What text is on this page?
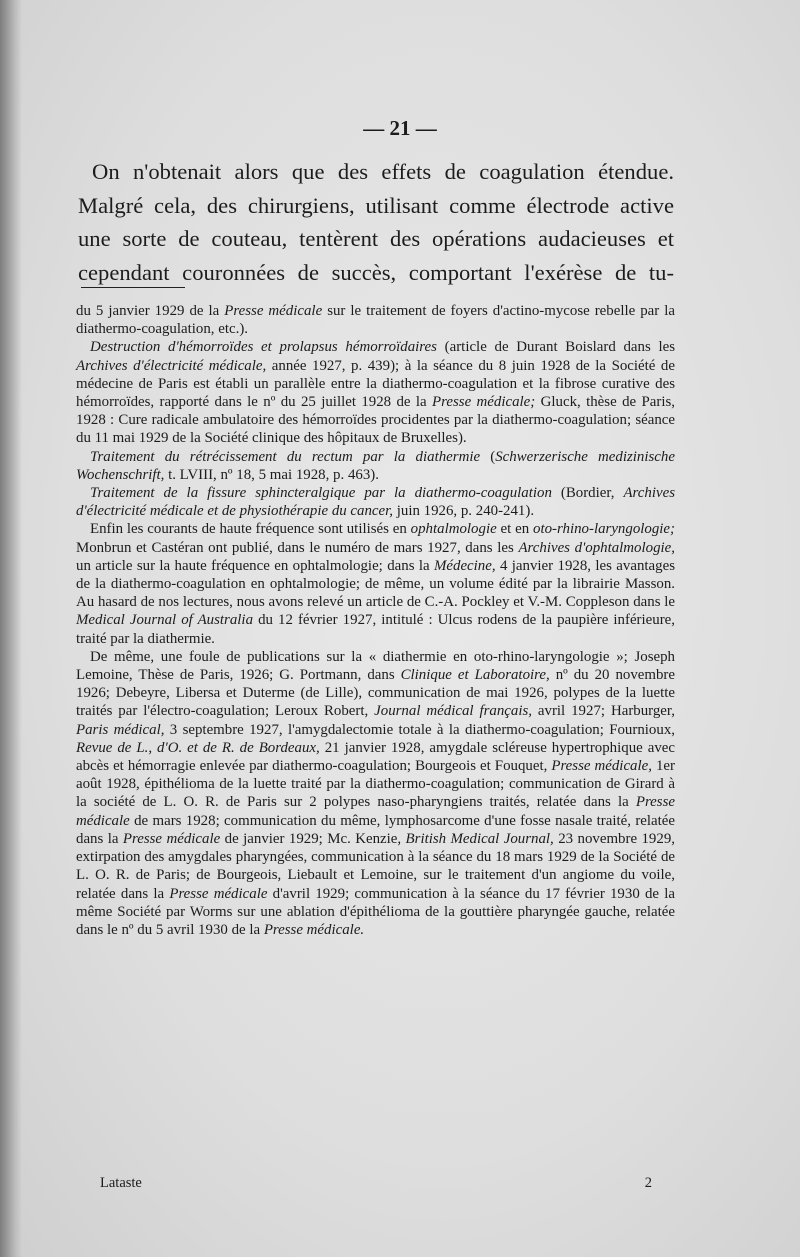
— 21 —

On n'obtenait alors que des effets de coagulation étendue. Malgré cela, des chirurgiens, utilisant comme électrode active une sorte de couteau, tentèrent des opérations audacieuses et cependant couronnées de succès, comportant l'exérèse de tu-

du 5 janvier 1929 de la Presse médicale sur le traitement de foyers d'actino-mycose rebelle par la diathermo-coagulation, etc.).

Destruction d'hémorroïdes et prolapsus hémorroïdaires (article de Durant Boislard dans les Archives d'électricité médicale, année 1927, p. 439); à la séance du 8 juin 1928 de la Société de médecine de Paris est établi un parallèle entre la diathermo-coagulation et la fibrose curative des hémorroïdes, rapporté dans le nº du 25 juillet 1928 de la Presse médicale; Gluck, thèse de Paris, 1928 : Cure radicale ambulatoire des hémorroïdes procidentes par la diathermo-coagulation; séance du 11 mai 1929 de la Société clinique des hôpitaux de Bruxelles).

Traitement du rétrécissement du rectum par la diathermie (Schwerzerische medizinische Wochenschrift, t. LVIII, nº 18, 5 mai 1928, p. 463).

Traitement de la fissure sphincteralgique par la diathermo-coagulation (Bordier, Archives d'électricité médicale et de physiothérapie du cancer, juin 1926, p. 240-241).

Enfin les courants de haute fréquence sont utilisés en ophtalmologie et en oto-rhino-laryngologie; Monbrun et Castéran ont publié, dans le numéro de mars 1927, dans les Archives d'ophtalmologie, un article sur la haute fréquence en ophtalmologie; dans la Médecine, 4 janvier 1928, les avantages de la diathermo-coagulation en ophtalmologie; de même, un volume édité par la librairie Masson. Au hasard de nos lectures, nous avons relevé un article de C.-A. Pockley et V.-M. Coppleson dans le Medical Journal of Australia du 12 février 1927, intitulé : Ulcus rodens de la paupière inférieure, traité par la diathermie.

De même, une foule de publications sur la « diathermie en oto-rhino-laryngologie »; Joseph Lemoine, Thèse de Paris, 1926; G. Portmann, dans Clinique et Laboratoire, nº du 20 novembre 1926; Debeyre, Libersa et Duterme (de Lille), communication de mai 1926, polypes de la luette traités par l'électro-coagulation; Leroux Robert, Journal médical français, avril 1927; Harburger, Paris médical, 3 septembre 1927, l'amygdalectomie totale à la diathermo-coagulation; Fournioux, Revue de L., d'O. et de R. de Bordeaux, 21 janvier 1928, amygdale scléreuse hypertrophique avec abcès et hémorragie enlevée par diathermo-coagulation; Bourgeois et Fouquet, Presse médicale, 1er août 1928, épithélioma de la luette traité par la diathermo-coagulation; communication de Girard à la société de L. O. R. de Paris sur 2 polypes naso-pharyngiens traités, relatée dans la Presse médicale de mars 1928; communication du même, lymphosarcome d'une fosse nasale traité, relatée dans la Presse médicale de janvier 1929; Mc. Kenzie, British Medical Journal, 23 novembre 1929, extirpation des amygdales pharyngées, communication à la séance du 18 mars 1929 de la Société de L. O. R. de Paris; de Bourgeois, Liebault et Lemoine, sur le traitement d'un angiome du voile, relatée dans la Presse médicale d'avril 1929; communication à la séance du 17 février 1930 de la même Société par Worms sur une ablation d'épithélioma de la gouttière pharyngée gauche, relatée dans le nº du 5 avril 1930 de la Presse médicale.

Lataste	2
